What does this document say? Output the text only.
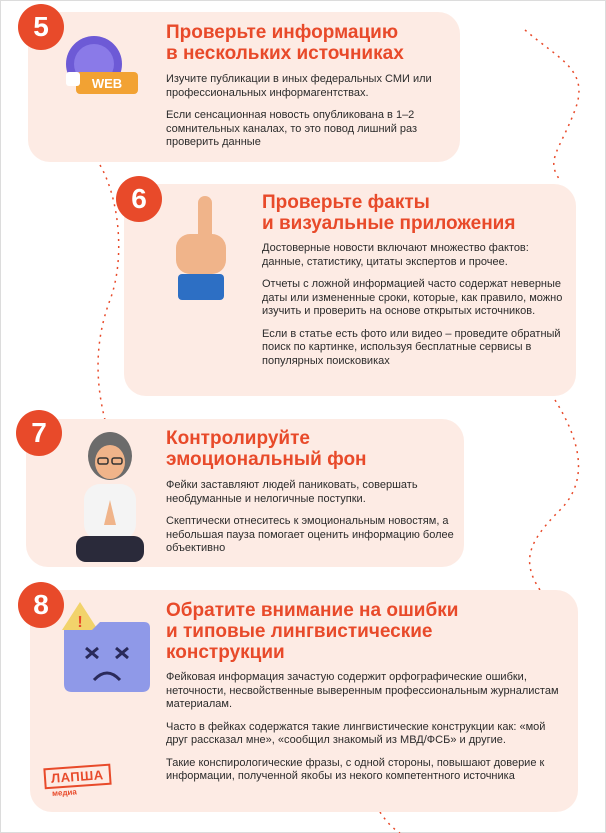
5
WEB
Проверьте информацию
в нескольких источниках

Изучите публикации в иных федеральных СМИ или профессиональных информагентствах.

Если сенсационная новость опубликована в 1–2 сомнительных каналах, то это повод лишний раз проверить данные

6	Проверьте факты
и визуальные приложения

Достоверные новости включают множество фактов: данные, статистику, цитаты экспертов и прочее.

Отчеты с ложной информацией часто содержат неверные даты или измененные сроки, которые, как правило, можно изучить и проверить на основе открытых источников.

Если в статье есть фото или видео – проведите обратный поиск по картинке, используя бесплатные сервисы в популярных поисковиках

7	Контролируйте
эмоциональный фон

Фейки заставляют людей паниковать, совершать необдуманные и нелогичные поступки.

Скептически отнеситесь к эмоциональным новостям, а небольшая пауза помогает оценить информацию более объективно

8
!
Обратите внимание на ошибки
и типовые лингвистические
конструкции

Фейковая информация зачастую содержит орфографические ошибки, неточности, несвойственные выверенным профессиональным журналистам материалам.

Часто в фейках содержатся такие лингвистические конструкции как: «мой друг рассказал мне», «сообщил знакомый из МВД/ФСБ» и другие.

Такие конспирологические фразы, с одной стороны, повышают доверие к информации, полученной якобы из некого компетентного источника

ЛАПША
медиа
